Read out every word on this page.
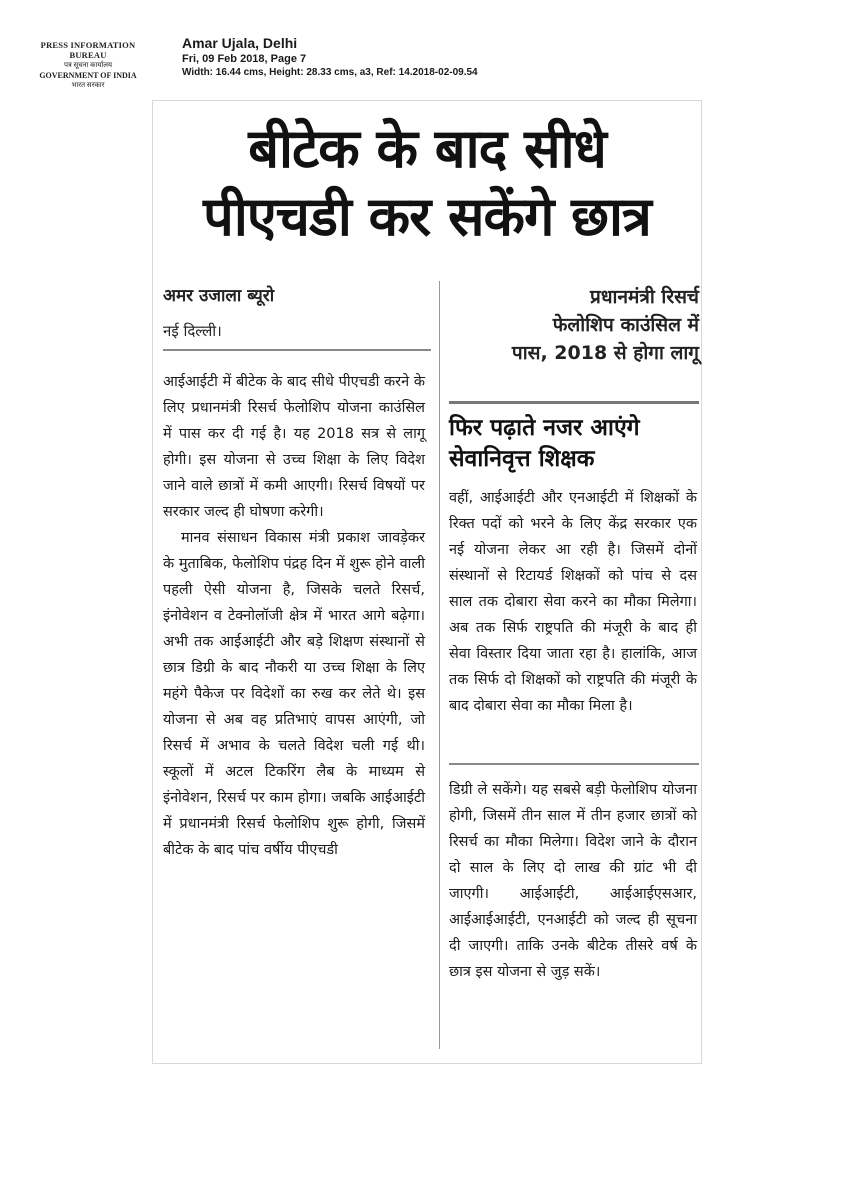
PRESS INFORMATION BUREAU
पत्र सूचना कार्यालय
GOVERNMENT OF INDIA
भारत सरकार
Amar Ujala, Delhi
Fri, 09 Feb 2018, Page 7
Width: 16.44 cms, Height: 28.33 cms, a3, Ref: 14.2018-02-09.54
बीटेक के बाद सीधे
पीएचडी कर सकेंगे छात्र
अमर उजाला ब्यूरो
नई दिल्ली।

आईआईटी में बीटेक के बाद सीधे पीएचडी करने के लिए प्रधानमंत्री रिसर्च फेलोशिप योजना काउंसिल में पास कर दी गई है। यह 2018 सत्र से लागू होगी। इस योजना से उच्च शिक्षा के लिए विदेश जाने वाले छात्रों में कमी आएगी। रिसर्च विषयों पर सरकार जल्द ही घोषणा करेगी।

मानव संसाधन विकास मंत्री प्रकाश जावड़ेकर के मुताबिक, फेलोशिप पंद्रह दिन में शुरू होने वाली पहली ऐसी योजना है, जिसके चलते रिसर्च, इंनोवेशन व टेक्नोलॉजी क्षेत्र में भारत आगे बढ़ेगा। अभी तक आईआईटी और बड़े शिक्षण संस्थानों से छात्र डिग्री के बाद नौकरी या उच्च शिक्षा के लिए महंगे पैकेज पर विदेशों का रुख कर लेते थे। इस योजना से अब वह प्रतिभाएं वापस आएंगी, जो रिसर्च में अभाव के चलते विदेश चली गई थी। स्कूलों में अटल टिकरिंग लैब के माध्यम से इंनोवेशन, रिसर्च पर काम होगा। जबकि आईआईटी में प्रधानमंत्री रिसर्च फेलोशिप शुरू होगी, जिसमें बीटेक के बाद पांच वर्षीय पीएचडी

प्रधानमंत्री रिसर्च
फेलोशिप काउंसिल में
पास, 2018 से होगा लागू
फिर पढ़ाते नजर आएंगे
सेवानिवृत्त शिक्षक

वहीं, आईआईटी और एनआईटी में शिक्षकों के रिक्त पदों को भरने के लिए केंद्र सरकार एक नई योजना लेकर आ रही है। जिसमें दोनों संस्थानों से रिटायर्ड शिक्षकों को पांच से दस साल तक दोबारा सेवा करने का मौका मिलेगा। अब तक सिर्फ राष्ट्रपति की मंजूरी के बाद ही सेवा विस्तार दिया जाता रहा है। हालांकि, आज तक सिर्फ दो शिक्षकों को राष्ट्रपति की मंजूरी के बाद दोबारा सेवा का मौका मिला है।

डिग्री ले सकेंगे। यह सबसे बड़ी फेलोशिप योजना होगी, जिसमें तीन साल में तीन हजार छात्रों को रिसर्च का मौका मिलेगा। विदेश जाने के दौरान दो साल के लिए दो लाख की ग्रांट भी दी जाएगी। आईआईटी, आईआईएसआर, आईआईआईटी, एनआईटी को जल्द ही सूचना दी जाएगी। ताकि उनके बीटेक तीसरे वर्ष के छात्र इस योजना से जुड़ सकें।
